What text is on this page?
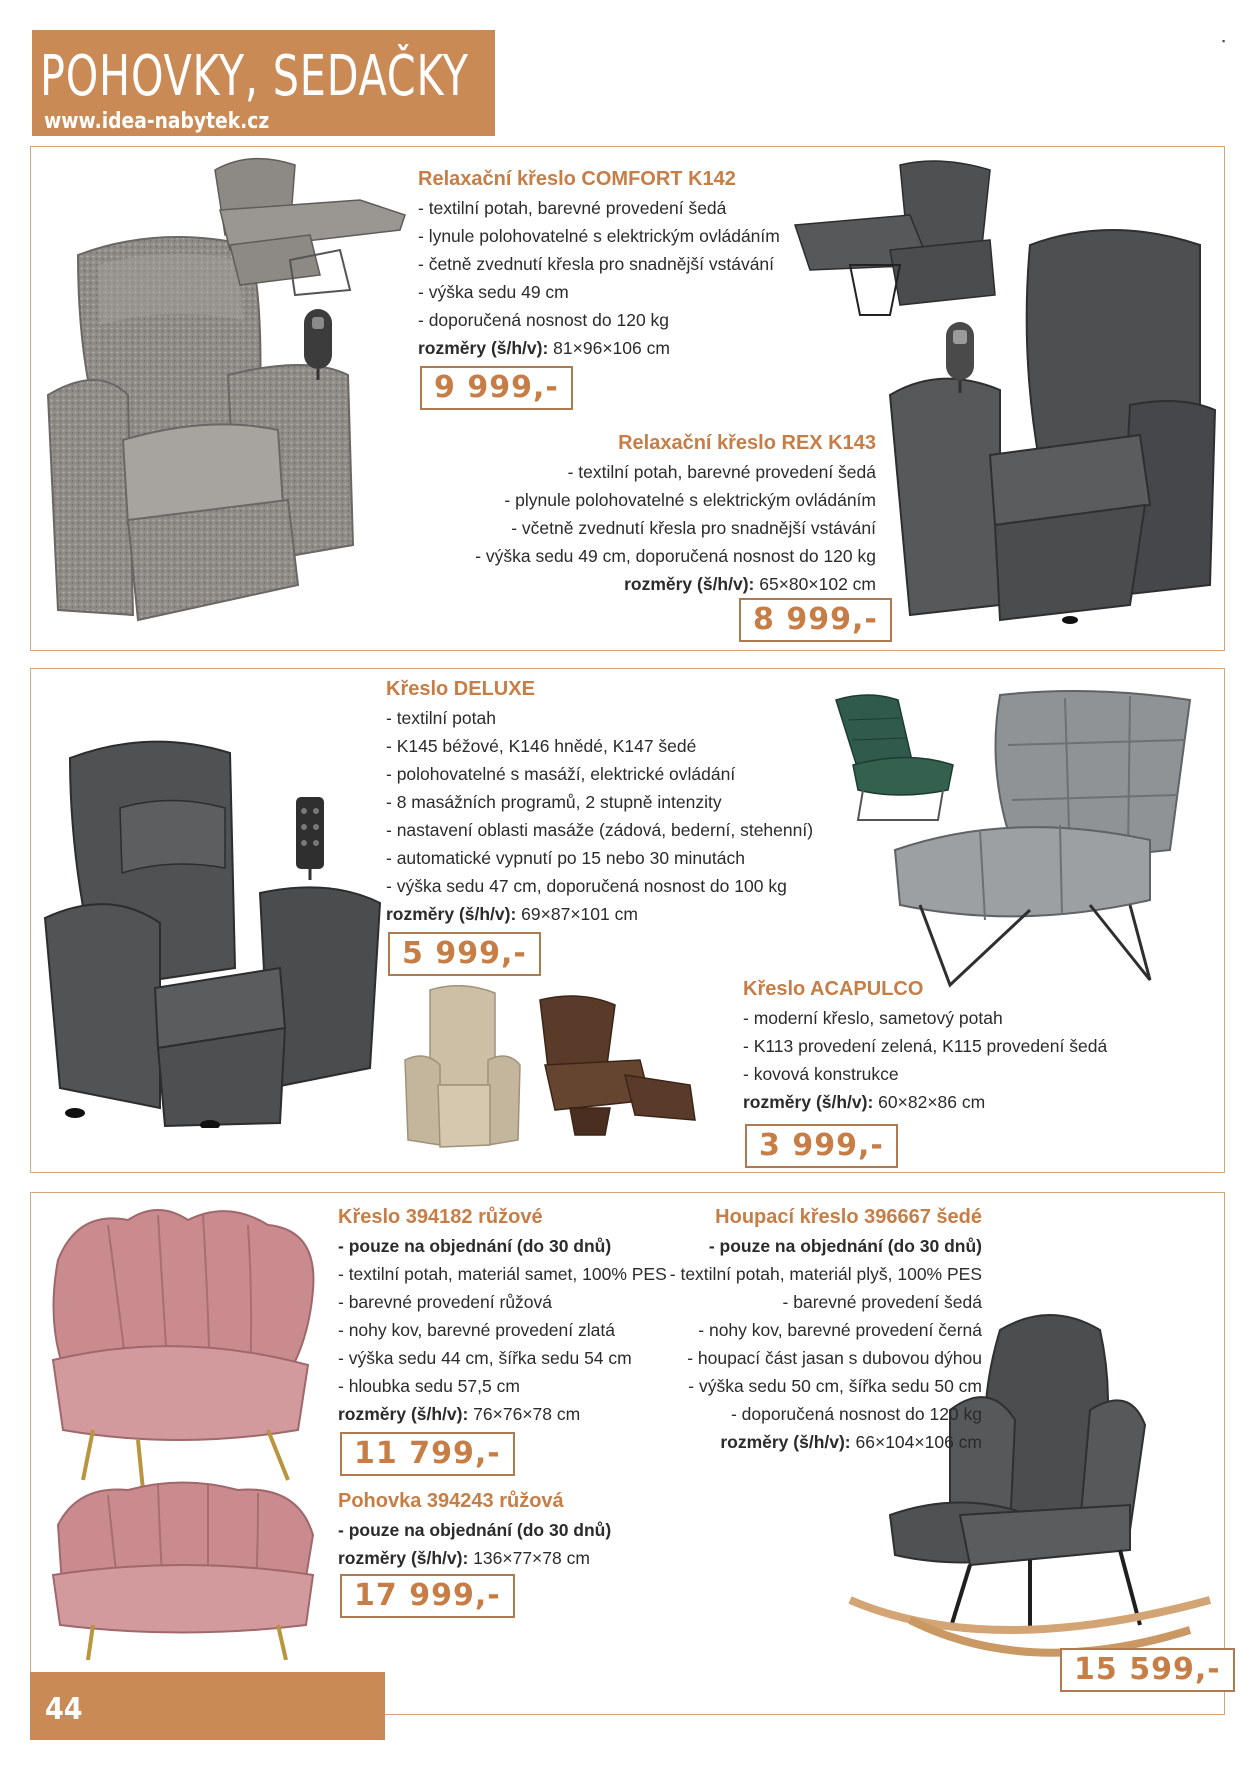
POHOVKY, SEDAČKY
www.idea-nabytek.cz
▪
Relaxační křeslo COMFORT K142
- textilní potah, barevné provedení šedá
- lynule polohovatelné s elektrickým ovládáním
- četně zvednutí křesla pro snadnější vstávání
- výška sedu 49 cm
- doporučená nosnost do 120 kg
rozměry (š/h/v): 81×96×106 cm
9 999,-
Relaxační křeslo REX K143
- textilní potah, barevné provedení šedá
- plynule polohovatelné s elektrickým ovládáním
- včetně zvednutí křesla pro snadnější vstávání
- výška sedu 49 cm, doporučená nosnost do 120 kg
rozměry (š/h/v): 65×80×102 cm
8 999,-
Křeslo DELUXE
- textilní potah
- K145 béžové, K146 hnědé, K147 šedé
- polohovatelné s masáží, elektrické ovládání
- 8 masážních programů, 2 stupně intenzity
- nastavení oblasti masáže (zádová, bederní, stehenní)
- automatické vypnutí po 15 nebo 30 minutách
- výška sedu 47 cm, doporučená nosnost do 100 kg
rozměry (š/h/v): 69×87×101 cm
5 999,-
Křeslo ACAPULCO
- moderní křeslo, sametový potah
- K113 provedení zelená, K115 provedení šedá
- kovová konstrukce
rozměry (š/h/v): 60×82×86 cm
3 999,-
Křeslo 394182 růžové
- pouze na objednání (do 30 dnů)
- textilní potah, materiál samet, 100% PES
- barevné provedení růžová
- nohy kov, barevné provedení zlatá
- výška sedu 44 cm, šířka sedu 54 cm
- hloubka sedu 57,5 cm
rozměry (š/h/v): 76×76×78 cm
11 799,-
Pohovka 394243 růžová
- pouze na objednání (do 30 dnů)
rozměry (š/h/v): 136×77×78 cm
17 999,-
Houpací křeslo 396667 šedé
- pouze na objednání (do 30 dnů)
- textilní potah, materiál plyš, 100% PES
- barevné provedení šedá
- nohy kov, barevné provedení černá
- houpací část jasan s dubovou dýhou
- výška sedu 50 cm, šířka sedu 50 cm
- doporučená nosnost do 120 kg
rozměry (š/h/v): 66×104×106 cm
15 599,-
44
